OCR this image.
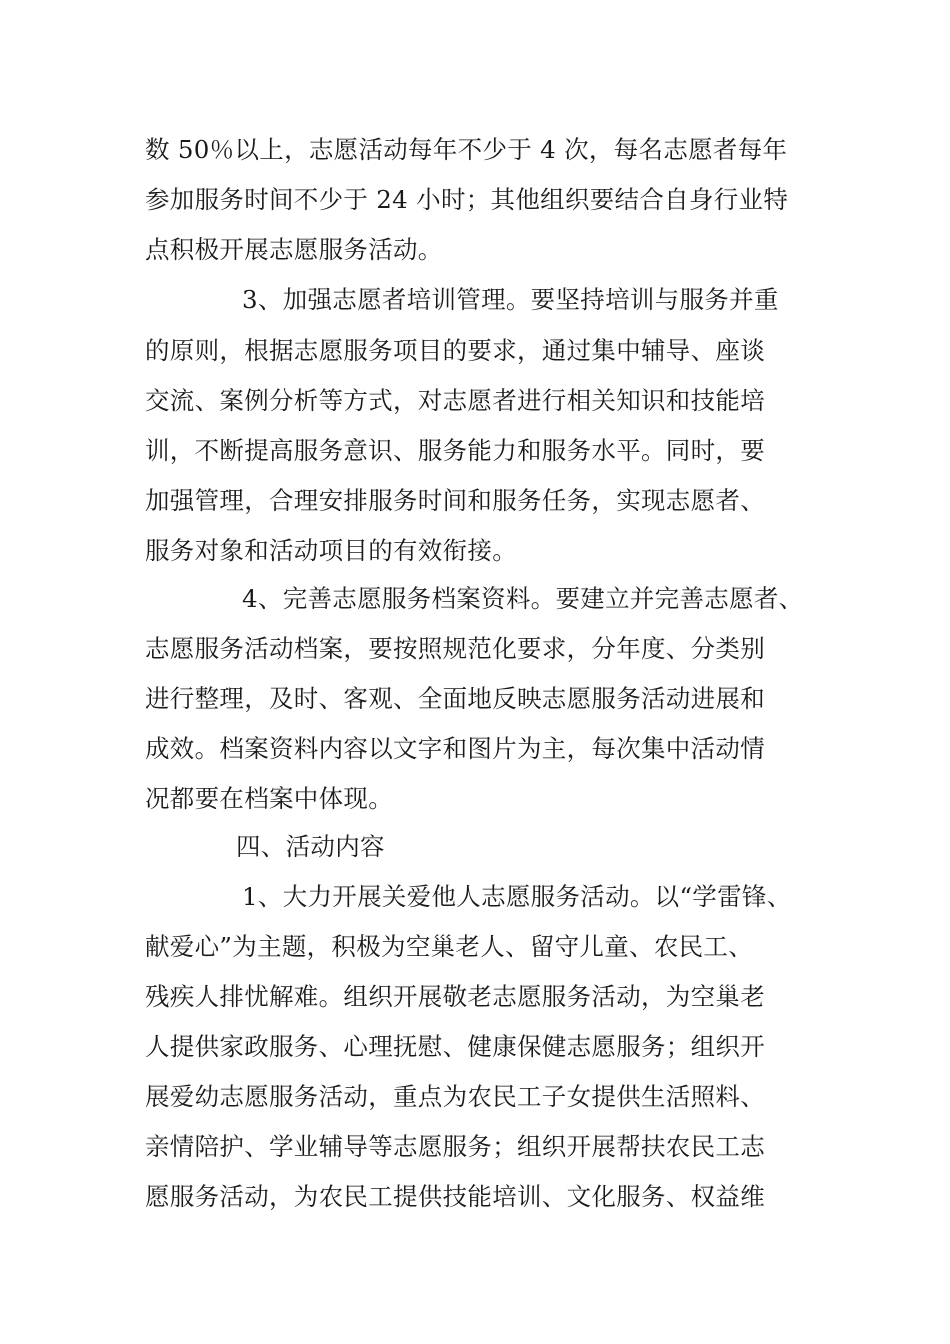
数 50％以上，志愿活动每年不少于 4 次，每名志愿者每年
参加服务时间不少于 24 小时；其他组织要结合自身行业特
点积极开展志愿服务活动。
3、加强志愿者培训管理。要坚持培训与服务并重
的原则，根据志愿服务项目的要求，通过集中辅导、座谈
交流、案例分析等方式，对志愿者进行相关知识和技能培
训，不断提高服务意识、服务能力和服务水平。同时，要
加强管理，合理安排服务时间和服务任务，实现志愿者、
服务对象和活动项目的有效衔接。
4、完善志愿服务档案资料。要建立并完善志愿者、
志愿服务活动档案，要按照规范化要求，分年度、分类别
进行整理，及时、客观、全面地反映志愿服务活动进展和
成效。档案资料内容以文字和图片为主，每次集中活动情
况都要在档案中体现。
四、活动内容
1、大力开展关爱他人志愿服务活动。以“学雷锋、
献爱心”为主题，积极为空巢老人、留守儿童、农民工、
残疾人排忧解难。组织开展敬老志愿服务活动，为空巢老
人提供家政服务、心理抚慰、健康保健志愿服务；组织开
展爱幼志愿服务活动，重点为农民工子女提供生活照料、
亲情陪护、学业辅导等志愿服务；组织开展帮扶农民工志
愿服务活动，为农民工提供技能培训、文化服务、权益维
